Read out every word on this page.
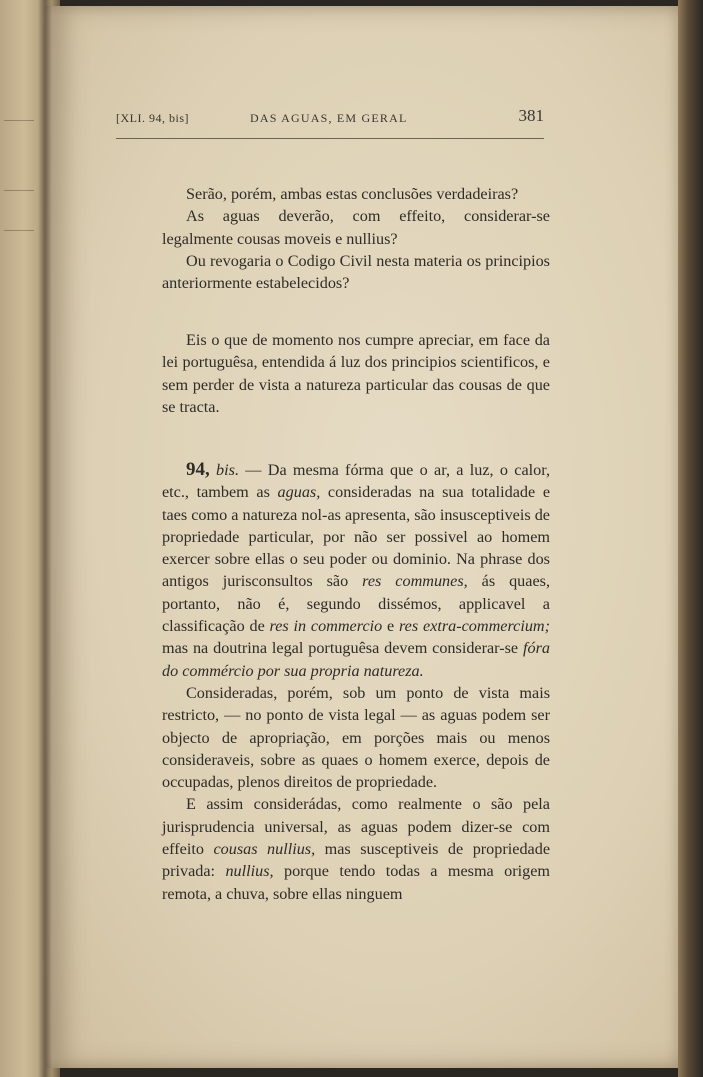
[XLI. 94, bis]	DAS AGUAS, EM GERAL	381

Serão, porém, ambas estas conclusões verdadeiras?

As aguas deverão, com effeito, considerar-se legalmente cousas moveis e nullius?

Ou revogaria o Codigo Civil nesta materia os principios anteriormente estabelecidos?

Eis o que de momento nos cumpre apreciar, em face da lei portuguêsa, entendida á luz dos principios scientificos, e sem perder de vista a natureza particular das cousas de que se tracta.

94, bis. — Da mesma fórma que o ar, a luz, o calor, etc., tambem as aguas, consideradas na sua totalidade e taes como a natureza nol-as apresenta, são insusceptiveis de propriedade particular, por não ser possivel ao homem exercer sobre ellas o seu poder ou dominio. Na phrase dos antigos jurisconsultos são res communes, ás quaes, portanto, não é, segundo dissémos, applicavel a classificação de res in commercio e res extra-commercium; mas na doutrina legal portuguêsa devem considerar-se fóra do commércio por sua propria natureza.

Consideradas, porém, sob um ponto de vista mais restricto, — no ponto de vista legal — as aguas podem ser objecto de apropriação, em porções mais ou menos consideraveis, sobre as quaes o homem exerce, depois de occupadas, plenos direitos de propriedade.

E assim considerádas, como realmente o são pela jurisprudencia universal, as aguas podem dizer-se com effeito cousas nullius, mas susceptiveis de propriedade privada: nullius, porque tendo todas a mesma origem remota, a chuva, sobre ellas ninguem
